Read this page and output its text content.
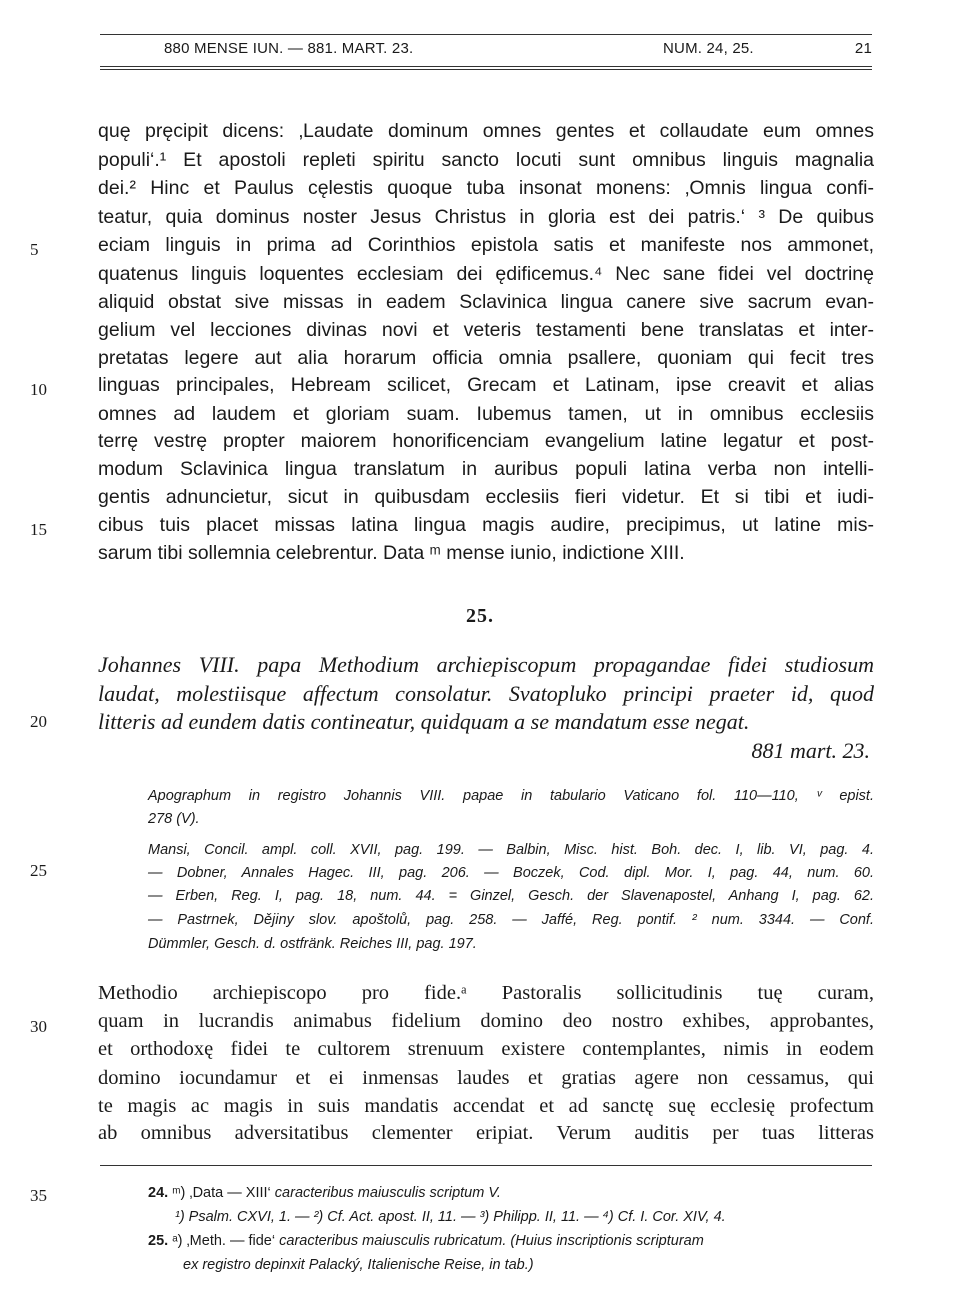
880 MENSE IUN. — 881. MART. 23.	NUM. 24, 25.	21
quę pręcipit dicens: ‚Laudate dominum omnes gentes et collaudate eum omnes
populi‘.¹ Et apostoli repleti spiritu sancto locuti sunt omnibus linguis magnalia
dei.² Hinc et Paulus cęlestis quoque tuba insonat monens: ‚Omnis lingua confi-
teatur, quia dominus noster Jesus Christus in gloria est dei patris.‘ ³ De quibus
eciam linguis in prima ad Corinthios epistola satis et manifeste nos ammonet,
quatenus linguis loquentes ecclesiam dei ędificemus.⁴ Nec sane fidei vel doctrinę
aliquid obstat sive missas in eadem Sclavinica lingua canere sive sacrum evan-
gelium vel lecciones divinas novi et veteris testamenti bene translatas et inter-
pretatas legere aut alia horarum officia omnia psallere, quoniam qui fecit tres
linguas principales, Hebream scilicet, Grecam et Latinam, ipse creavit et alias
omnes ad laudem et gloriam suam. Iubemus tamen, ut in omnibus ecclesiis
terrę vestrę propter maiorem honorificenciam evangelium latine legatur et post-
modum Sclavinica lingua translatum in auribus populi latina verba non intelli-
gentis adnuncietur, sicut in quibusdam ecclesiis fieri videtur. Et si tibi et iudi-
cibus tuis placet missas latina lingua magis audire, precipimus, ut latine mis-
sarum tibi sollemnia celebrentur. Data ᵐ mense iunio, indictione XIII.
5
10
15
20
25
30
35
25.
Johannes VIII. papa Methodium archiepiscopum propagandae fidei studiosum
laudat, molestiisque affectum consolatur. Svatopluko principi praeter id, quod
litteris ad eundem datis contineatur, quidquam a se mandatum esse negat.
881 mart. 23.
Apographum in registro Johannis VIII. papae in tabulario Vaticano fol. 110—110, ᵛ epist.
278 (V).
Mansi, Concil. ampl. coll. XVII, pag. 199. — Balbin, Misc. hist. Boh. dec. I, lib. VI, pag. 4.
— Dobner, Annales Hagec. III, pag. 206. — Boczek, Cod. dipl. Mor. I, pag. 44, num. 60.
— Erben, Reg. I, pag. 18, num. 44. = Ginzel, Gesch. der Slavenapostel, Anhang I, pag. 62.
— Pastrnek, Dějiny slov. apoštolů, pag. 258. — Jaffé, Reg. pontif. ² num. 3344. — Conf.
Dümmler, Gesch. d. ostfränk. Reiches III, pag. 197.
Methodio archiepiscopo pro fide.ᵃ Pastoralis sollicitudinis tuę curam,
quam in lucrandis animabus fidelium domino deo nostro exhibes, approbantes,
et orthodoxę fidei te cultorem strenuum existere contemplantes, nimis in eodem
domino iocundamur et ei inmensas laudes et gratias agere non cessamus, qui
te magis ac magis in suis mandatis accendat et ad sanctę suę ecclesię profectum
ab omnibus adversitatibus clementer eripiat. Verum auditis per tuas litteras
24. ᵐ) ‚Data — XIII‘ caracteribus maiusculis scriptum V.
¹) Psalm. CXVI, 1. — ²) Cf. Act. apost. II, 11. — ³) Philipp. II, 11. — ⁴) Cf. I. Cor. XIV, 4.
25. ᵃ) ‚Meth. — fide‘ caracteribus maiusculis rubricatum. (Huius inscriptionis scripturam
ex registro depinxit Palacký, Italienische Reise, in tab.)
